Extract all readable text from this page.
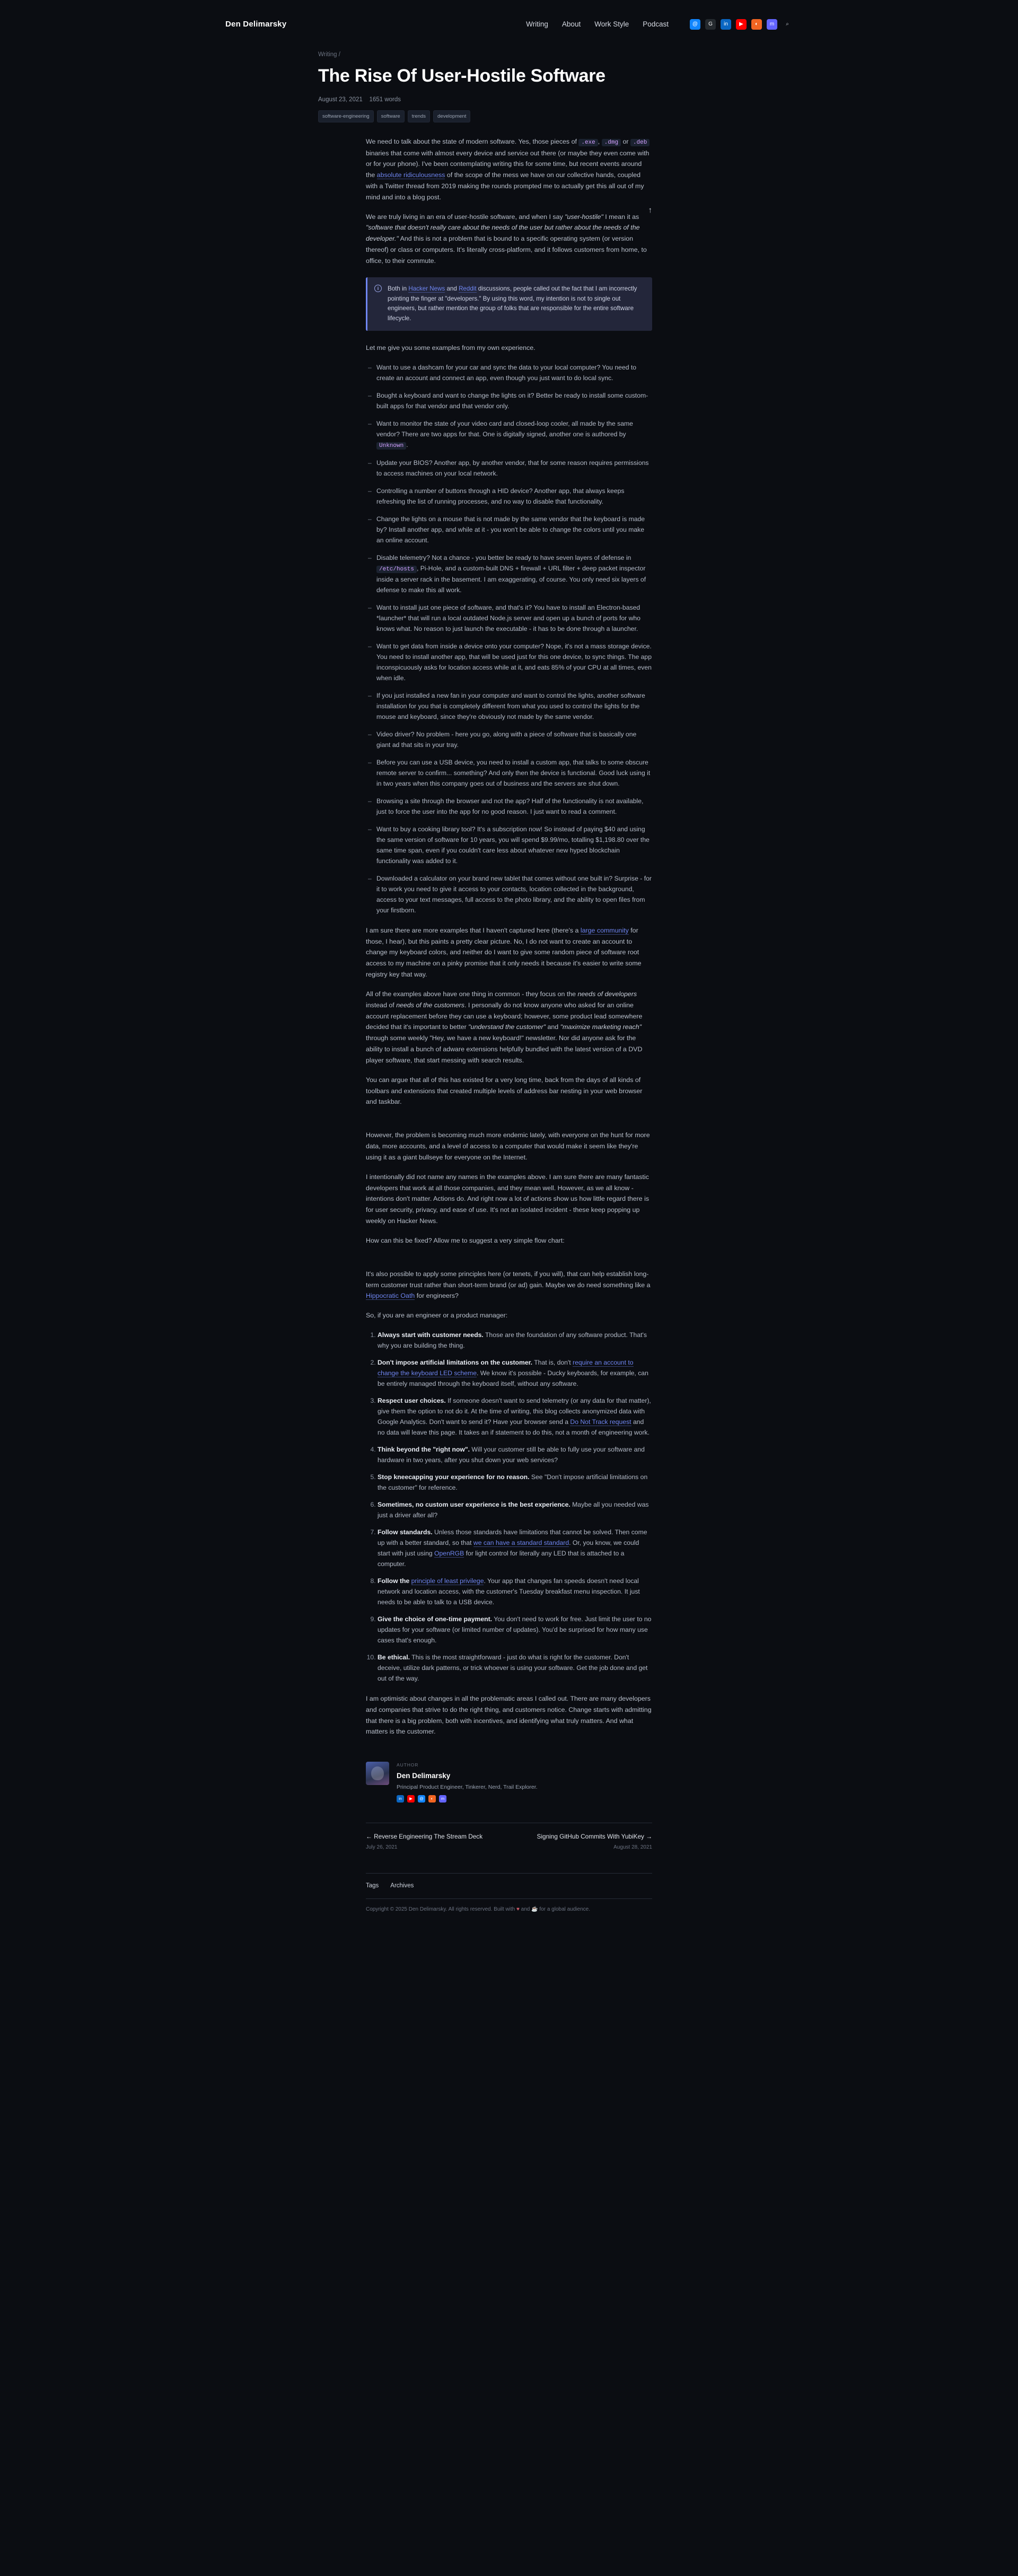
Den Delimarsky	Writing About Work Style Podcast	@	G	in	▶	◐	m	⌕
↑
Writing /
The Rise Of User-Hostile Software
August 23, 2021 1651 words
software-engineering	software	trends	development

We need to talk about the state of modern software. Yes, those pieces of .exe , .dmg or .deb binaries that come with almost every device and service out there (or maybe they even come with or for your phone). I've been contemplating writing this for some time, but recent events around the absolute ridiculousness of the scope of the mess we have on our collective hands, coupled with a Twitter thread from 2019 making the rounds prompted me to actually get this all out of my mind and into a blog post.

We are truly living in an era of user-hostile software, and when I say "user-hostile" I mean it as "software that doesn't really care about the needs of the user but rather about the needs of the developer." And this is not a problem that is bound to a specific operating system (or version thereof) or class or computers. It's literally cross-platform, and it follows customers from home, to office, to their commute.

i	Both in Hacker News and Reddit discussions, people called out the fact that I am incorrectly pointing the finger at "developers." By using this word, my intention is not to single out engineers, but rather mention the group of folks that are responsible for the entire software lifecycle.

Let me give you some examples from my own experience.

– Want to use a dashcam for your car and sync the data to your local computer? You need to create an account and connect an app, even though you just want to do local sync.
– Bought a keyboard and want to change the lights on it? Better be ready to install some custom-built apps for that vendor and that vendor only.
– Want to monitor the state of your video card and closed-loop cooler, all made by the same vendor? There are two apps for that. One is digitally signed, another one is authored by Unknown .
– Update your BIOS? Another app, by another vendor, that for some reason requires permissions to access machines on your local network.
– Controlling a number of buttons through a HID device? Another app, that always keeps refreshing the list of running processes, and no way to disable that functionality.
– Change the lights on a mouse that is not made by the same vendor that the keyboard is made by? Install another app, and while at it - you won't be able to change the colors until you make an online account.
– Disable telemetry? Not a chance - you better be ready to have seven layers of defense in /etc/hosts , Pi-Hole, and a custom-built DNS + firewall + URL filter + deep packet inspector inside a server rack in the basement. I am exaggerating, of course. You only need six layers of defense to make this all work.
– Want to install just one piece of software, and that's it? You have to install an Electron-based *launcher* that will run a local outdated Node.js server and open up a bunch of ports for who knows what. No reason to just launch the executable - it has to be done through a launcher.
– Want to get data from inside a device onto your computer? Nope, it's not a mass storage device. You need to install another app, that will be used just for this one device, to sync things. The app inconspicuously asks for location access while at it, and eats 85% of your CPU at all times, even when idle.
– If you just installed a new fan in your computer and want to control the lights, another software installation for you that is completely different from what you used to control the lights for the mouse and keyboard, since they're obviously not made by the same vendor.
– Video driver? No problem - here you go, along with a piece of software that is basically one giant ad that sits in your tray.
– Before you can use a USB device, you need to install a custom app, that talks to some obscure remote server to confirm... something? And only then the device is functional. Good luck using it in two years when this company goes out of business and the servers are shut down.
– Browsing a site through the browser and not the app? Half of the functionality is not available, just to force the user into the app for no good reason. I just want to read a comment.
– Want to buy a cooking library tool? It's a subscription now! So instead of paying $40 and using the same version of software for 10 years, you will spend $9.99/mo, totalling $1,198.80 over the same time span, even if you couldn't care less about whatever new hyped blockchain functionality was added to it.
– Downloaded a calculator on your brand new tablet that comes without one built in? Surprise - for it to work you need to give it access to your contacts, location collected in the background, access to your text messages, full access to the photo library, and the ability to open files from your firstborn.

I am sure there are more examples that I haven't captured here (there's a large community for those, I hear), but this paints a pretty clear picture. No, I do not want to create an account to change my keyboard colors, and neither do I want to give some random piece of software root access to my machine on a pinky promise that it only needs it because it's easier to write some registry key that way.

All of the examples above have one thing in common - they focus on the needs of developers instead of needs of the customers. I personally do not know anyone who asked for an online account replacement before they can use a keyboard; however, some product lead somewhere decided that it's important to better "understand the customer" and "maximize marketing reach" through some weekly "Hey, we have a new keyboard!" newsletter. Nor did anyone ask for the ability to install a bunch of adware extensions helpfully bundled with the latest version of a DVD player software, that start messing with search results.

You can argue that all of this has existed for a very long time, back from the days of all kinds of toolbars and extensions that created multiple levels of address bar nesting in your web browser and taskbar.

However, the problem is becoming much more endemic lately, with everyone on the hunt for more data, more accounts, and a level of access to a computer that would make it seem like they're using it as a giant bullseye for everyone on the Internet.

I intentionally did not name any names in the examples above. I am sure there are many fantastic developers that work at all those companies, and they mean well. However, as we all know - intentions don't matter. Actions do. And right now a lot of actions show us how little regard there is for user security, privacy, and ease of use. It's not an isolated incident - these keep popping up weekly on Hacker News.

How can this be fixed? Allow me to suggest a very simple flow chart:

It's also possible to apply some principles here (or tenets, if you will), that can help establish long-term customer trust rather than short-term brand (or ad) gain. Maybe we do need something like a Hippocratic Oath for engineers?

So, if you are an engineer or a product manager:

1. Always start with customer needs. Those are the foundation of any software product. That's why you are building the thing.
2. Don't impose artificial limitations on the customer. That is, don't require an account to change the keyboard LED scheme. We know it's possible - Ducky keyboards, for example, can be entirely managed through the keyboard itself, without any software.
3. Respect user choices. If someone doesn't want to send telemetry (or any data for that matter), give them the option to not do it. At the time of writing, this blog collects anonymized data with Google Analytics. Don't want to send it? Have your browser send a Do Not Track request and no data will leave this page. It takes an if statement to do this, not a month of engineering work.
4. Think beyond the "right now". Will your customer still be able to fully use your software and hardware in two years, after you shut down your web services?
5. Stop kneecapping your experience for no reason. See "Don't impose artificial limitations on the customer" for reference.
6. Sometimes, no custom user experience is the best experience. Maybe all you needed was just a driver after all?
7. Follow standards. Unless those standards have limitations that cannot be solved. Then come up with a better standard, so that we can have a standard standard. Or, you know, we could start with just using OpenRGB for light control for literally any LED that is attached to a computer.
8. Follow the principle of least privilege. Your app that changes fan speeds doesn't need local network and location access, with the customer's Tuesday breakfast menu inspection. It just needs to be able to talk to a USB device.
9. Give the choice of one-time payment. You don't need to work for free. Just limit the user to no updates for your software (or limited number of updates). You'd be surprised for how many use cases that's enough.
10. Be ethical. This is the most straightforward - just do what is right for the customer. Don't deceive, utilize dark patterns, or trick whoever is using your software. Get the job done and get out of the way.

I am optimistic about changes in all the problematic areas I called out. There are many developers and companies that strive to do the right thing, and customers notice. Change starts with admitting that there is a big problem, both with incentives, and identifying what truly matters. And what matters is the customer.

AUTHOR
Den Delimarsky
Principal Product Engineer, Tinkerer, Nerd, Trail Explorer.
in	▶	@	◐	m
← Reverse Engineering The Stream Deck
July 26, 2021
Signing GitHub Commits With YubiKey →
August 28, 2021
Tags Archives
Copyright © 2025 Den Delimarsky. All rights reserved. Built with ♥ and ☕ for a global audience.
